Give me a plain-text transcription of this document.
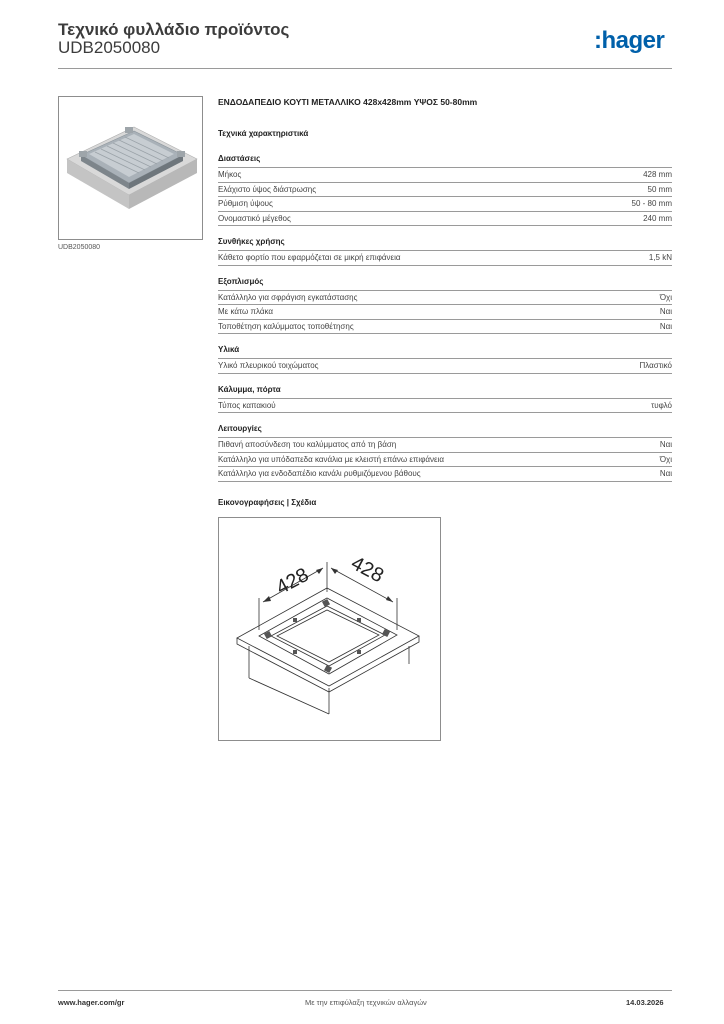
Τεχνικό φυλλάδιο προϊόντος
UDB2050080	:hager
UDB2050080
ΕΝΔΟΔΑΠΕΔΙΟ ΚΟΥΤΙ ΜΕΤΑΛΛΙΚΟ 428x428mm ΥΨΟΣ 50-80mm
Τεχνικά χαρακτηριστικά
Διαστάσεις
Μήκος	428 mm
Ελάχιστο ύψος διάστρωσης	50 mm
Ρύθμιση ύψους	50 - 80 mm
Ονομαστικό μέγεθος	240 mm
Συνθήκες χρήσης
Κάθετο φορτίο που εφαρμόζεται σε μικρή επιφάνεια	1,5 kN
Εξοπλισμός
Κατάλληλο για σφράγιση εγκατάστασης	Όχι
Με κάτω πλάκα	Ναι
Τοποθέτηση καλύμματος τοποθέτησης	Ναι
Υλικά
Υλικό πλευρικού τοιχώματος	Πλαστικό
Κάλυμμα, πόρτα
Τύπος καπακιού	τυφλό
Λειτουργίες
Πιθανή αποσύνδεση του καλύμματος από τη βάση	Ναι
Κατάλληλο για υπόδαπεδα κανάλια με κλειστή επάνω επιφάνεια	Όχι
Κατάλληλο για ενδοδαπέδιο κανάλι ρυθμιζόμενου βάθους	Ναι
Εικονογραφήσεις | Σχέδια
428 428
www.hager.com/gr	Με την επιφύλαξη τεχνικών αλλαγών	14.03.2026
